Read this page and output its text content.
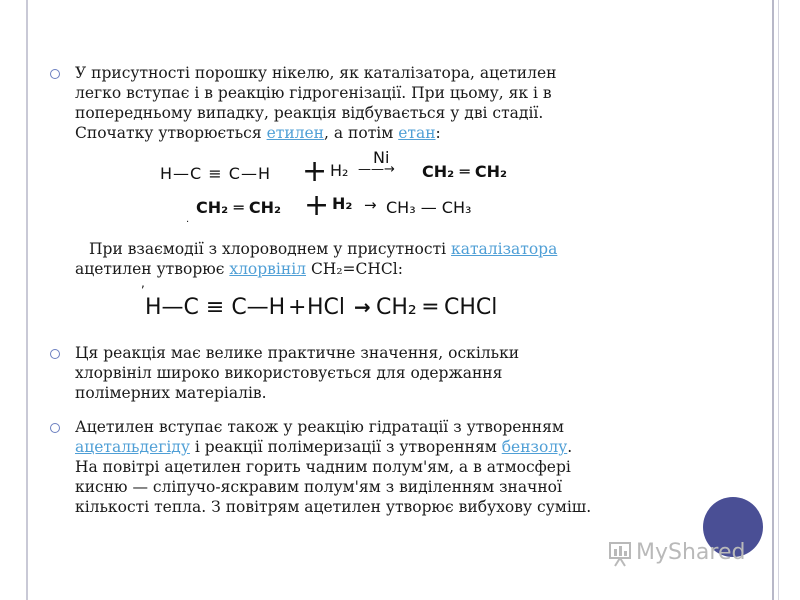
У присутності порошку нікелю, як каталізатора, ацетилен
легко вступає і в реакцію гідрогенізації. При цьому, як і в
попередньому випадку, реакція відбувається у дві стадії.
Спочатку утворюється етилен, а потім етан:
H—C ≡ C—H + H₂
Ni
——→ CH₂ ═ CH₂
CH₂ ═ CH₂ + H₂ → CH₃ — CH₃
.
При взаємодії з хлороводнем у присутності каталізатора
ацетилен утворює хлорвініл CH₂=CHCl:
H—C ≡ C—H + HCl → CH₂ ═ CHCl
,
Ця реакція має велике практичне значення, оскільки
хлорвініл широко використовується для одержання
полімерних матеріалів.
Ацетилен вступає також у реакцію гідратації з утворенням
ацетальдегіду і реакції полімеризації з утворенням бензолу.
На повітрі ацетилен горить чадним полум'ям, а в атмосфері
кисню — сліпучо-яскравим полум'ям з виділенням значної
кількості тепла. З повітрям ацетилен утворює вибухову суміш.
MyShared
